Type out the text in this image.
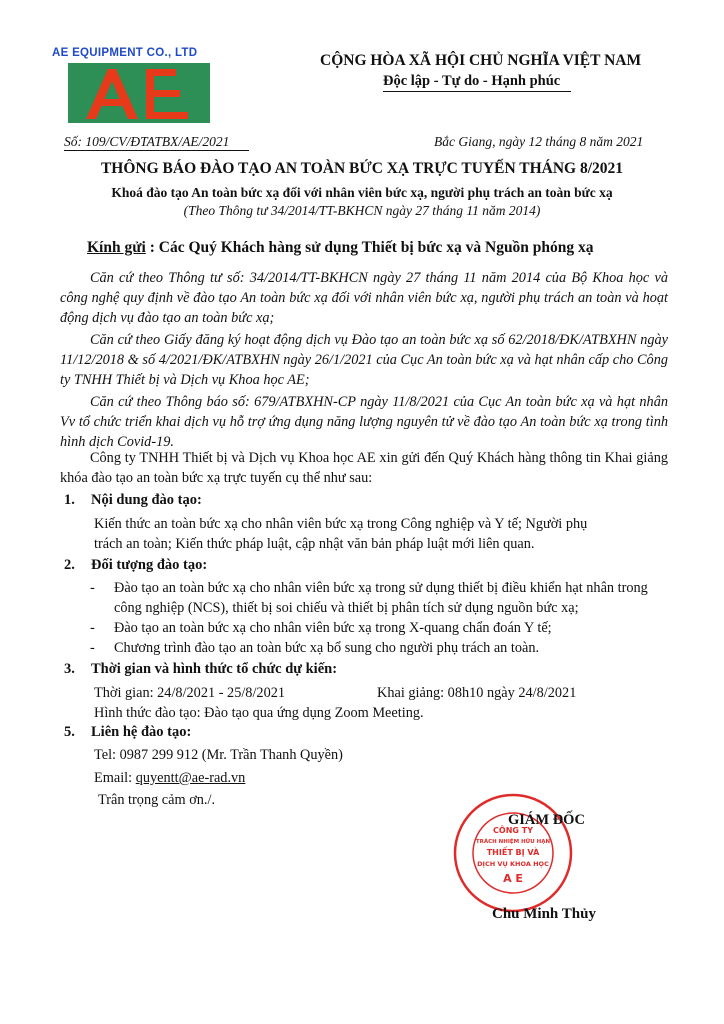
AE EQUIPMENT CO., LTD	CỘNG HÒA XÃ HỘI CHỦ NGHĨA VIỆT NAM
Độc lập - Tự do - Hạnh phúc
Số: 109/CV/ĐTATBX/AE/2021	Bắc Giang, ngày 12 tháng 8 năm 2021
THÔNG BÁO ĐÀO TẠO AN TOÀN BỨC XẠ TRỰC TUYẾN THÁNG 8/2021
Khoá đào tạo An toàn bức xạ đối với nhân viên bức xạ, người phụ trách an toàn bức xạ
(Theo Thông tư 34/2014/TT-BKHCN ngày 27 tháng 11 năm 2014)
Kính gửi : Các Quý Khách hàng sử dụng Thiết bị bức xạ và Nguồn phóng xạ
Căn cứ theo Thông tư số: 34/2014/TT-BKHCN ngày 27 tháng 11 năm 2014 của Bộ Khoa học và công nghệ quy định về đào tạo An toàn bức xạ đối với nhân viên bức xạ, người phụ trách an toàn và hoạt động dịch vụ đào tạo an toàn bức xạ;
Căn cứ theo Giấy đăng ký hoạt động dịch vụ Đào tạo an toàn bức xạ số 62/2018/ĐK/ATBXHN ngày 11/12/2018 & số 4/2021/ĐK/ATBXHN ngày 26/1/2021 của Cục An toàn bức xạ và hạt nhân cấp cho Công ty TNHH Thiết bị và Dịch vụ Khoa học AE;
Căn cứ theo Thông báo số: 679/ATBXHN-CP ngày 11/8/2021 của Cục An toàn bức xạ và hạt nhân Vv tổ chức triển khai dịch vụ hỗ trợ ứng dụng năng lượng nguyên tử về đào tạo An toàn bức xạ trong tình hình dịch Covid-19.
Công ty TNHH Thiết bị và Dịch vụ Khoa học AE xin gửi đến Quý Khách hàng thông tin Khai giảng khóa đào tạo an toàn bức xạ trực tuyến cụ thể như sau:
1. Nội dung đào tạo:
Kiến thức an toàn bức xạ cho nhân viên bức xạ trong Công nghiệp và Y tế; Người phụ
trách an toàn; Kiến thức pháp luật, cập nhật văn bản pháp luật mới liên quan.
2. Đối tượng đào tạo:
-	Đào tạo an toàn bức xạ cho nhân viên bức xạ trong sử dụng thiết bị điều khiển hạt nhân trong công nghiệp (NCS), thiết bị soi chiếu và thiết bị phân tích sử dụng nguồn bức xạ;
-	Đào tạo an toàn bức xạ cho nhân viên bức xạ trong X-quang chẩn đoán Y tế;
-	Chương trình đào tạo an toàn bức xạ bổ sung cho người phụ trách an toàn.
3. Thời gian và hình thức tổ chức dự kiến:
Thời gian: 24/8/2021 - 25/8/2021	Khai giảng: 08h10 ngày 24/8/2021
Hình thức đào tạo: Đào tạo qua ứng dụng Zoom Meeting.
5. Liên hệ đào tạo:
Tel: 0987 299 912 (Mr. Trần Thanh Quyền)
Email: quyentt@ae-rad.vn
Trân trọng cảm ơn./.
CÔNG TY
TRÁCH NHIỆM HỮU HẠN
THIẾT BỊ VÀ
DỊCH VỤ KHOA HỌC
A E
GIÁM ĐỐC
Chu Minh Thủy
